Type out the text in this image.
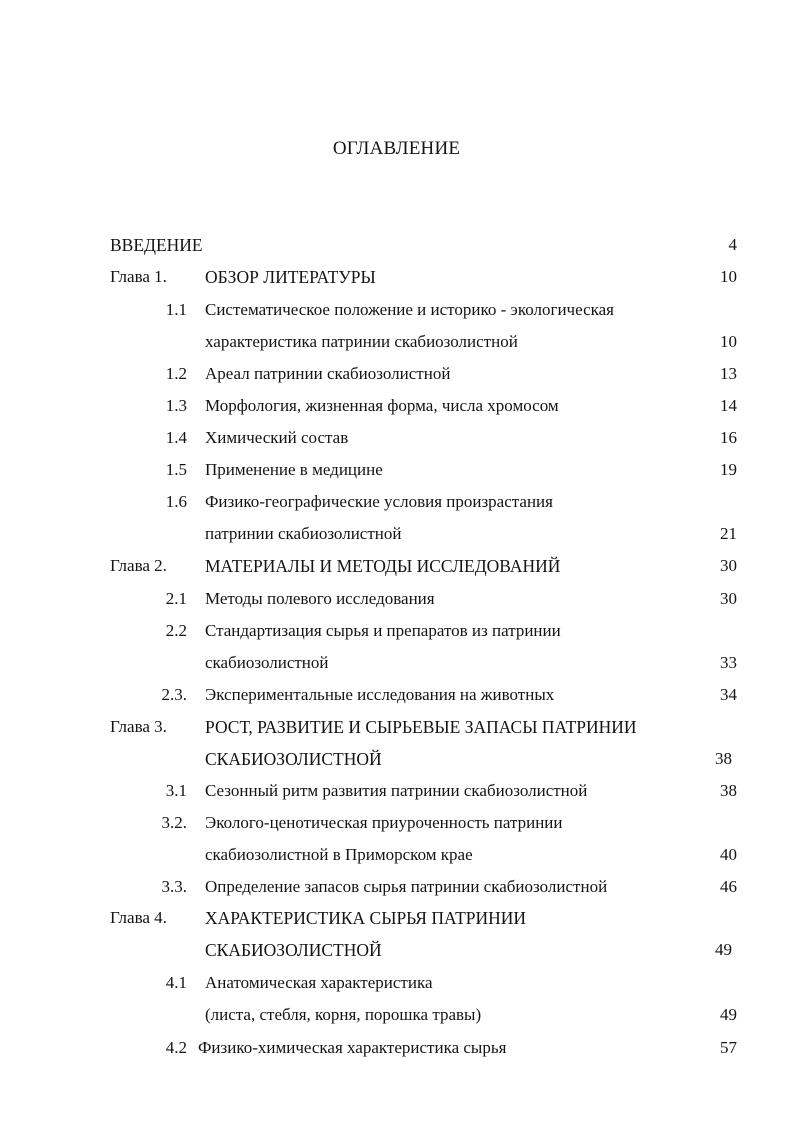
ОГЛАВЛЕНИЕ
ВВЕДЕНИЕ	4
Глава 1. ОБЗОР ЛИТЕРАТУРЫ	10
1.1 Систематическое положение и историко - экологическая
характеристика патринии скабиозолистной	10
1.2 Ареал патринии скабиозолистной	13
1.3 Морфология, жизненная форма, числа хромосом	14
1.4 Химический состав	16
1.5 Применение в медицине	19
1.6 Физико-географические условия произрастания
патринии скабиозолистной	21
Глава 2. МАТЕРИАЛЫ И МЕТОДЫ ИССЛЕДОВАНИЙ	30
2.1 Методы полевого исследования	30
2.2 Стандартизация сырья и препаратов из патринии
скабиозолистной	33
2.3. Экспериментальные исследования на животных	34
Глава 3. РОСТ, РАЗВИТИЕ И СЫРЬЕВЫЕ ЗАПАСЫ ПАТРИНИИ
СКАБИОЗОЛИСТНОЙ	38
3.1 Сезонный ритм развития патринии скабиозолистной	38
3.2. Эколого-ценотическая приуроченность патринии
скабиозолистной в Приморском крае	40
3.3. Определение запасов сырья патринии скабиозолистной	46
Глава 4. ХАРАКТЕРИСТИКА СЫРЬЯ ПАТРИНИИ
СКАБИОЗОЛИСТНОЙ	49
4.1 Анатомическая характеристика
(листа, стебля, корня, порошка травы)	49
4.2 Физико-химическая характеристика сырья	57
